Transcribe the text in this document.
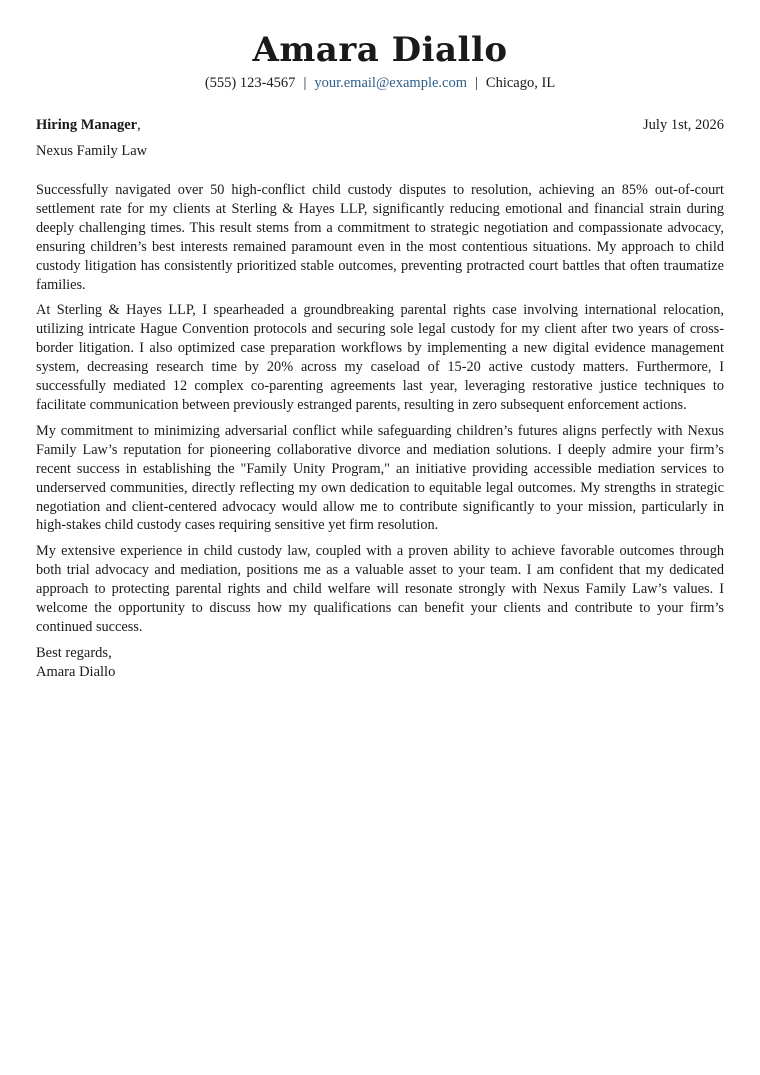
Amara Diallo
(555) 123-4567 | your.email@example.com | Chicago, IL
Hiring Manager,	July 1st, 2026
Nexus Family Law

Successfully navigated over 50 high-conflict child custody disputes to resolution, achieving an 85% out-of-court settlement rate for my clients at Sterling & Hayes LLP, significantly reducing emotional and financial strain during deeply challenging times. This result stems from a commitment to strategic negotiation and compassionate advocacy, ensuring children’s best interests remained paramount even in the most contentious situations. My approach to child custody litigation has consistently prioritized stable outcomes, preventing protracted court battles that often traumatize families.

At Sterling & Hayes LLP, I spearheaded a groundbreaking parental rights case involving international relocation, utilizing intricate Hague Convention protocols and securing sole legal custody for my client after two years of cross-border litigation. I also optimized case preparation workflows by implementing a new digital evidence management system, decreasing research time by 20% across my caseload of 15-20 active custody matters. Furthermore, I successfully mediated 12 complex co-parenting agreements last year, leveraging restorative justice techniques to facilitate communication between previously estranged parents, resulting in zero subsequent enforcement actions.

My commitment to minimizing adversarial conflict while safeguarding children’s futures aligns perfectly with Nexus Family Law’s reputation for pioneering collaborative divorce and mediation solutions. I deeply admire your firm’s recent success in establishing the "Family Unity Program," an initiative providing accessible mediation services to underserved communities, directly reflecting my own dedication to equitable legal outcomes. My strengths in strategic negotiation and client-centered advocacy would allow me to contribute significantly to your mission, particularly in high-stakes child custody cases requiring sensitive yet firm resolution.

My extensive experience in child custody law, coupled with a proven ability to achieve favorable outcomes through both trial advocacy and mediation, positions me as a valuable asset to your team. I am confident that my dedicated approach to protecting parental rights and child welfare will resonate strongly with Nexus Family Law’s values. I welcome the opportunity to discuss how my qualifications can benefit your clients and contribute to your firm’s continued success.

Best regards,
Amara Diallo
